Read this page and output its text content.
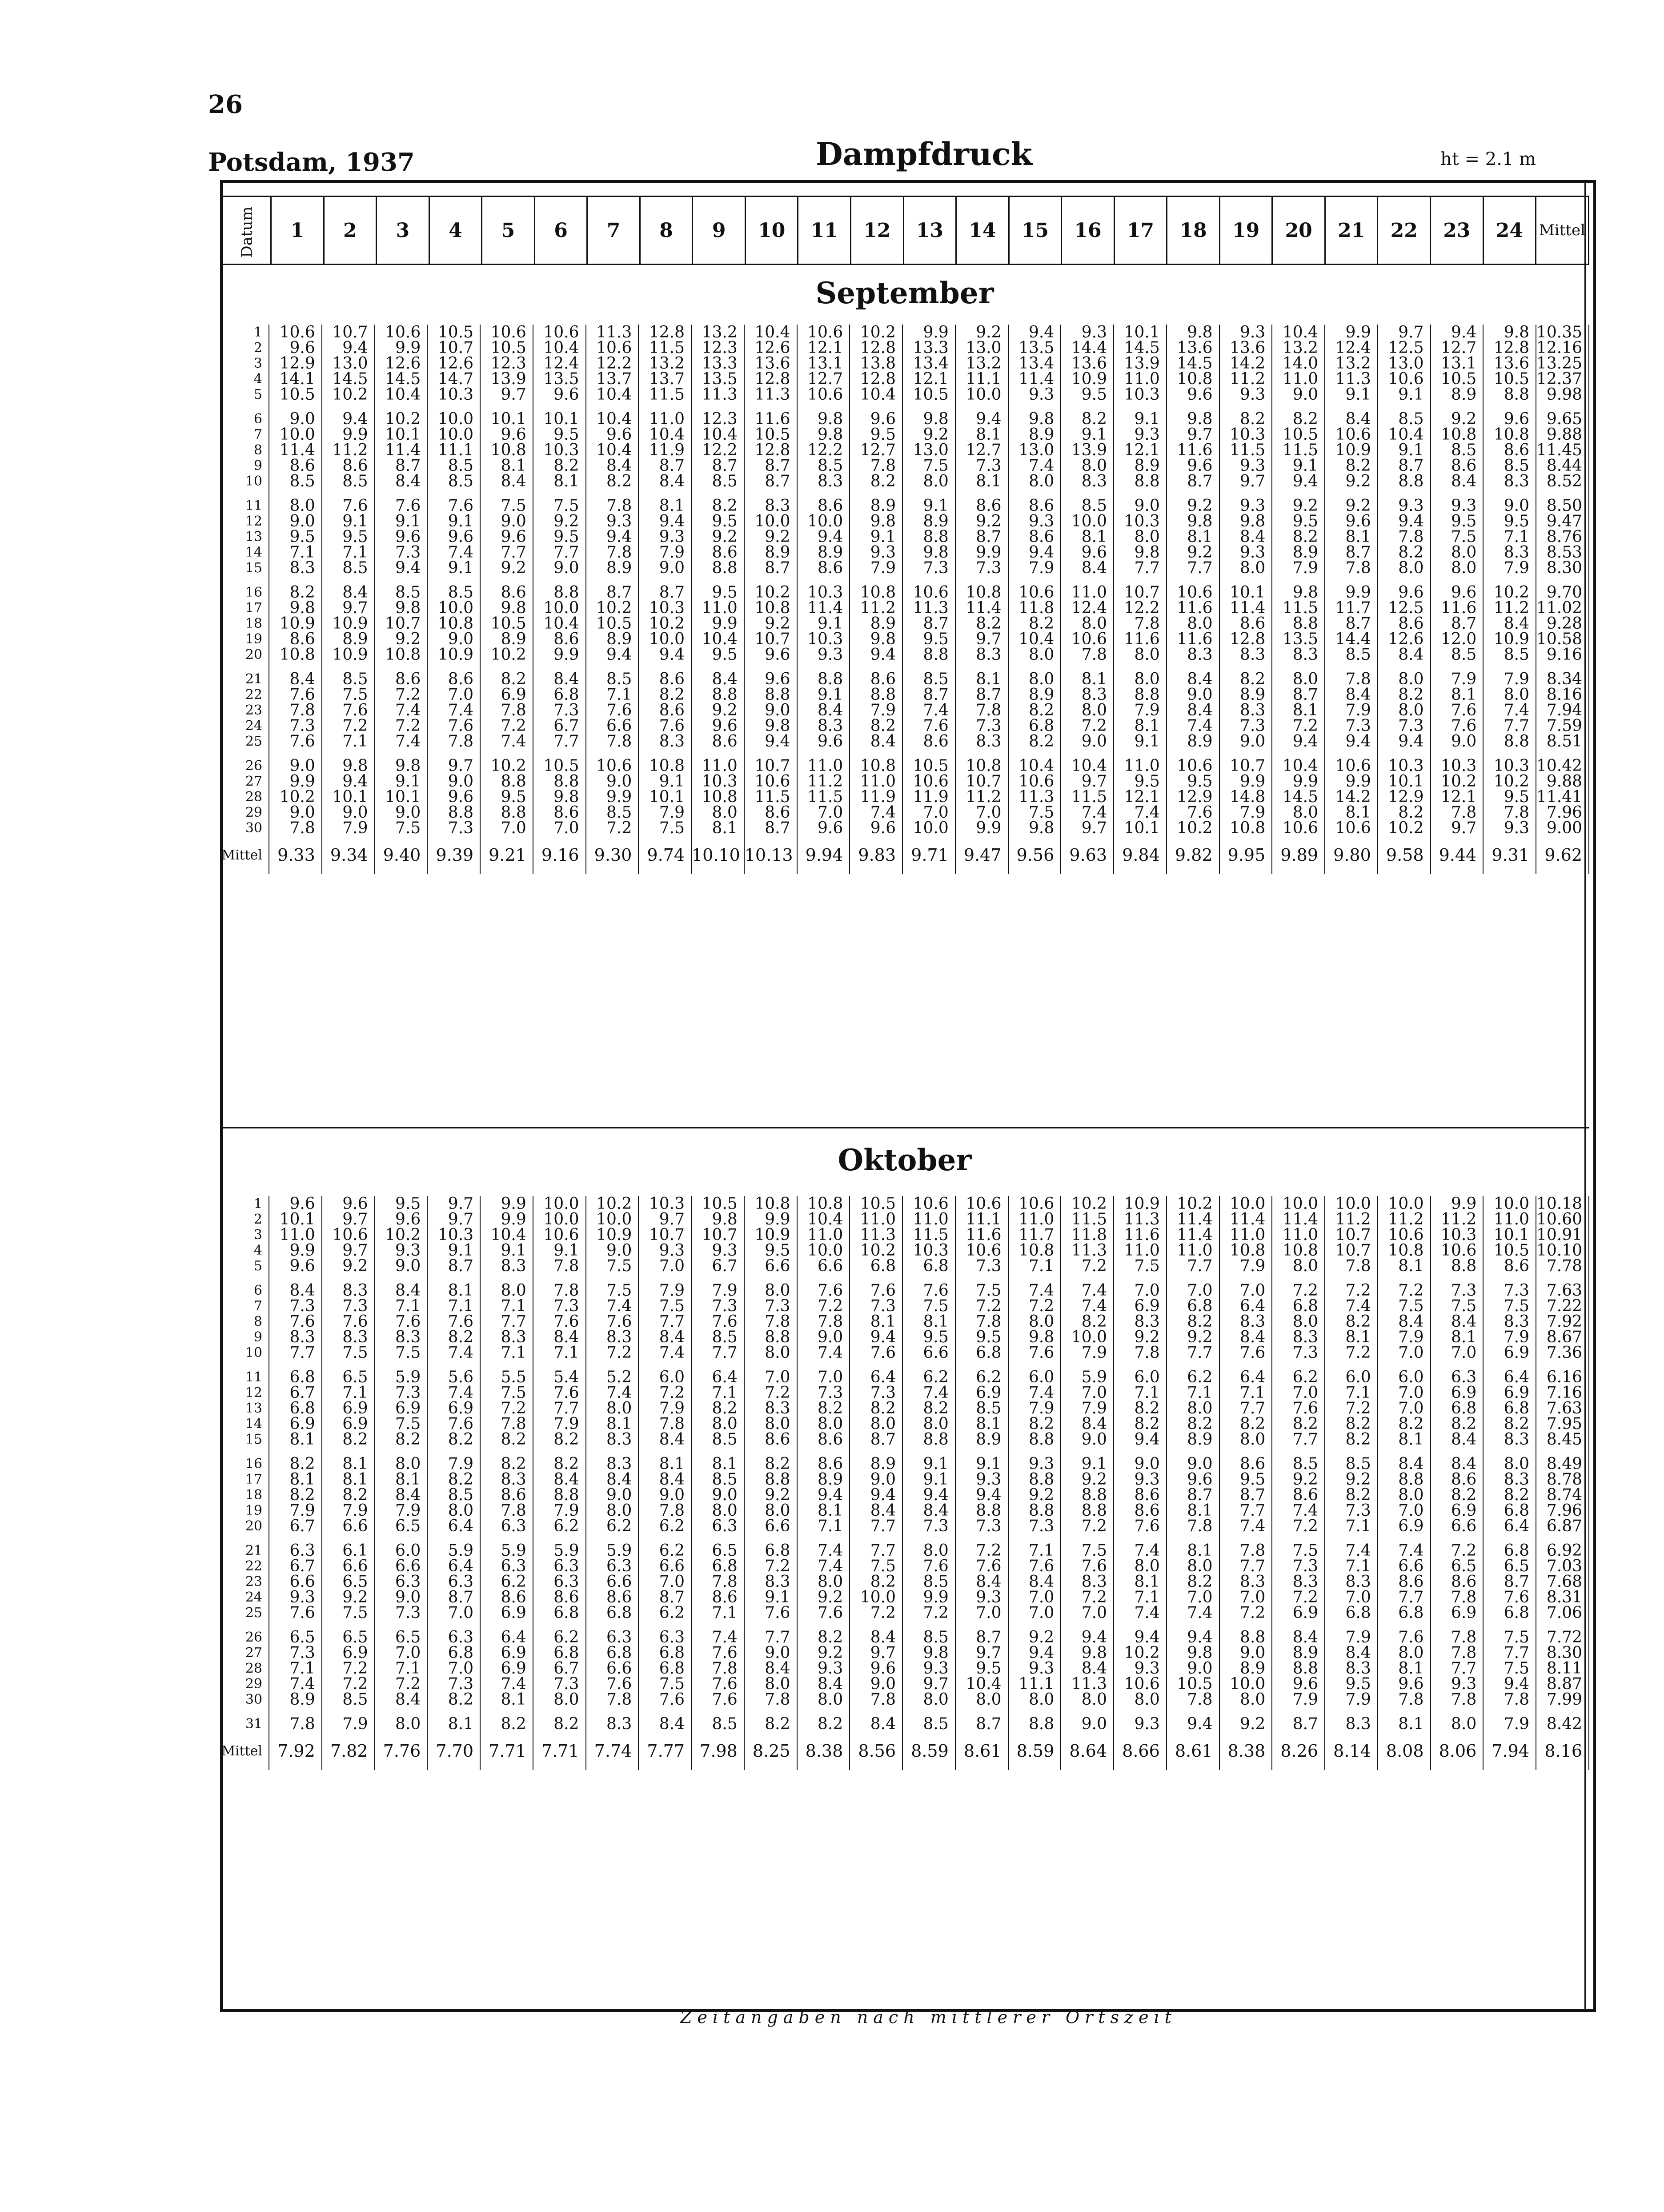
26
Potsdam, 1937	Dampfdruck	ht = 2.1 m
Datum	1	2	3	4	5	6	7	8	9	10	11	12	13	14	15	16	17	18	19	20	21	22	23	24	Mittel
September
1	10.6	10.7	10.6	10.5	10.6	10.6	11.3	12.8	13.2	10.4	10.6	10.2	9.9	9.2	9.4	9.3	10.1	9.8	9.3	10.4	9.9	9.7	9.4	9.8	10.35
2	9.6	9.4	9.9	10.7	10.5	10.4	10.6	11.5	12.3	12.6	12.1	12.8	13.3	13.0	13.5	14.4	14.5	13.6	13.6	13.2	12.4	12.5	12.7	12.8	12.16
3	12.9	13.0	12.6	12.6	12.3	12.4	12.2	13.2	13.3	13.6	13.1	13.8	13.4	13.2	13.4	13.6	13.9	14.5	14.2	14.0	13.2	13.0	13.1	13.6	13.25
4	14.1	14.5	14.5	14.7	13.9	13.5	13.7	13.7	13.5	12.8	12.7	12.8	12.1	11.1	11.4	10.9	11.0	10.8	11.2	11.0	11.3	10.6	10.5	10.5	12.37
5	10.5	10.2	10.4	10.3	9.7	9.6	10.4	11.5	11.3	11.3	10.6	10.4	10.5	10.0	9.3	9.5	10.3	9.6	9.3	9.0	9.1	9.1	8.9	8.8	9.98

6	9.0	9.4	10.2	10.0	10.1	10.1	10.4	11.0	12.3	11.6	9.8	9.6	9.8	9.4	9.8	8.2	9.1	9.8	8.2	8.2	8.4	8.5	9.2	9.6	9.65
7	10.0	9.9	10.1	10.0	9.6	9.5	9.6	10.4	10.4	10.5	9.8	9.5	9.2	8.1	8.9	9.1	9.3	9.7	10.3	10.5	10.6	10.4	10.8	10.8	9.88
8	11.4	11.2	11.4	11.1	10.8	10.3	10.4	11.9	12.2	12.8	12.2	12.7	13.0	12.7	13.0	13.9	12.1	11.6	11.5	11.5	10.9	9.1	8.5	8.6	11.45
9	8.6	8.6	8.7	8.5	8.1	8.2	8.4	8.7	8.7	8.7	8.5	7.8	7.5	7.3	7.4	8.0	8.9	9.6	9.3	9.1	8.2	8.7	8.6	8.5	8.44
10	8.5	8.5	8.4	8.5	8.4	8.1	8.2	8.4	8.5	8.7	8.3	8.2	8.0	8.1	8.0	8.3	8.8	8.7	9.7	9.4	9.2	8.8	8.4	8.3	8.52

11	8.0	7.6	7.6	7.6	7.5	7.5	7.8	8.1	8.2	8.3	8.6	8.9	9.1	8.6	8.6	8.5	9.0	9.2	9.3	9.2	9.2	9.3	9.3	9.0	8.50
12	9.0	9.1	9.1	9.1	9.0	9.2	9.3	9.4	9.5	10.0	10.0	9.8	8.9	9.2	9.3	10.0	10.3	9.8	9.8	9.5	9.6	9.4	9.5	9.5	9.47
13	9.5	9.5	9.6	9.6	9.6	9.5	9.4	9.3	9.2	9.2	9.4	9.1	8.8	8.7	8.6	8.1	8.0	8.1	8.4	8.2	8.1	7.8	7.5	7.1	8.76
14	7.1	7.1	7.3	7.4	7.7	7.7	7.8	7.9	8.6	8.9	8.9	9.3	9.8	9.9	9.4	9.6	9.8	9.2	9.3	8.9	8.7	8.2	8.0	8.3	8.53
15	8.3	8.5	9.4	9.1	9.2	9.0	8.9	9.0	8.8	8.7	8.6	7.9	7.3	7.3	7.9	8.4	7.7	7.7	8.0	7.9	7.8	8.0	8.0	7.9	8.30

16	8.2	8.4	8.5	8.5	8.6	8.8	8.7	8.7	9.5	10.2	10.3	10.8	10.6	10.8	10.6	11.0	10.7	10.6	10.1	9.8	9.9	9.6	9.6	10.2	9.70
17	9.8	9.7	9.8	10.0	9.8	10.0	10.2	10.3	11.0	10.8	11.4	11.2	11.3	11.4	11.8	12.4	12.2	11.6	11.4	11.5	11.7	12.5	11.6	11.2	11.02
18	10.9	10.9	10.7	10.8	10.5	10.4	10.5	10.2	9.9	9.2	9.1	8.9	8.7	8.2	8.2	8.0	7.8	8.0	8.6	8.8	8.7	8.6	8.7	8.4	9.28
19	8.6	8.9	9.2	9.0	8.9	8.6	8.9	10.0	10.4	10.7	10.3	9.8	9.5	9.7	10.4	10.6	11.6	11.6	12.8	13.5	14.4	12.6	12.0	10.9	10.58
20	10.8	10.9	10.8	10.9	10.2	9.9	9.4	9.4	9.5	9.6	9.3	9.4	8.8	8.3	8.0	7.8	8.0	8.3	8.3	8.3	8.5	8.4	8.5	8.5	9.16

21	8.4	8.5	8.6	8.6	8.2	8.4	8.5	8.6	8.4	9.6	8.8	8.6	8.5	8.1	8.0	8.1	8.0	8.4	8.2	8.0	7.8	8.0	7.9	7.9	8.34
22	7.6	7.5	7.2	7.0	6.9	6.8	7.1	8.2	8.8	8.8	9.1	8.8	8.7	8.7	8.9	8.3	8.8	9.0	8.9	8.7	8.4	8.2	8.1	8.0	8.16
23	7.8	7.6	7.4	7.4	7.8	7.3	7.6	8.6	9.2	9.0	8.4	7.9	7.4	7.8	8.2	8.0	7.9	8.4	8.3	8.1	7.9	8.0	7.6	7.4	7.94
24	7.3	7.2	7.2	7.6	7.2	6.7	6.6	7.6	9.6	9.8	8.3	8.2	7.6	7.3	6.8	7.2	8.1	7.4	7.3	7.2	7.3	7.3	7.6	7.7	7.59
25	7.6	7.1	7.4	7.8	7.4	7.7	7.8	8.3	8.6	9.4	9.6	8.4	8.6	8.3	8.2	9.0	9.1	8.9	9.0	9.4	9.4	9.4	9.0	8.8	8.51

26	9.0	9.8	9.8	9.7	10.2	10.5	10.6	10.8	11.0	10.7	11.0	10.8	10.5	10.8	10.4	10.4	11.0	10.6	10.7	10.4	10.6	10.3	10.3	10.3	10.42
27	9.9	9.4	9.1	9.0	8.8	8.8	9.0	9.1	10.3	10.6	11.2	11.0	10.6	10.7	10.6	9.7	9.5	9.5	9.9	9.9	9.9	10.1	10.2	10.2	9.88
28	10.2	10.1	10.1	9.6	9.5	9.8	9.9	10.1	10.8	11.5	11.5	11.9	11.9	11.2	11.3	11.5	12.1	12.9	14.8	14.5	14.2	12.9	12.1	9.5	11.41
29	9.0	9.0	9.0	8.8	8.8	8.6	8.5	7.9	8.0	8.6	7.0	7.4	7.0	7.0	7.5	7.4	7.4	7.6	7.9	8.0	8.1	8.2	7.8	7.8	7.96
30	7.8	7.9	7.5	7.3	7.0	7.0	7.2	7.5	8.1	8.7	9.6	9.6	10.0	9.9	9.8	9.7	10.1	10.2	10.8	10.6	10.6	10.2	9.7	9.3	9.00
Mittel	9.33	9.34	9.40	9.39	9.21	9.16	9.30	9.74	10.10	10.13	9.94	9.83	9.71	9.47	9.56	9.63	9.84	9.82	9.95	9.89	9.80	9.58	9.44	9.31	9.62
Oktober
1	9.6	9.6	9.5	9.7	9.9	10.0	10.2	10.3	10.5	10.8	10.8	10.5	10.6	10.6	10.6	10.2	10.9	10.2	10.0	10.0	10.0	10.0	9.9	10.0	10.18
2	10.1	9.7	9.6	9.7	9.9	10.0	10.0	9.7	9.8	9.9	10.4	11.0	11.0	11.1	11.0	11.5	11.3	11.4	11.4	11.4	11.2	11.2	11.2	11.0	10.60
3	11.0	10.6	10.2	10.3	10.4	10.6	10.9	10.7	10.7	10.9	11.0	11.3	11.5	11.6	11.7	11.8	11.6	11.4	11.0	11.0	10.7	10.6	10.3	10.1	10.91
4	9.9	9.7	9.3	9.1	9.1	9.1	9.0	9.3	9.3	9.5	10.0	10.2	10.3	10.6	10.8	11.3	11.0	11.0	10.8	10.8	10.7	10.8	10.6	10.5	10.10
5	9.6	9.2	9.0	8.7	8.3	7.8	7.5	7.0	6.7	6.6	6.6	6.8	6.8	7.3	7.1	7.2	7.5	7.7	7.9	8.0	7.8	8.1	8.8	8.6	7.78

6	8.4	8.3	8.4	8.1	8.0	7.8	7.5	7.9	7.9	8.0	7.6	7.6	7.6	7.5	7.4	7.4	7.0	7.0	7.0	7.2	7.2	7.2	7.3	7.3	7.63
7	7.3	7.3	7.1	7.1	7.1	7.3	7.4	7.5	7.3	7.3	7.2	7.3	7.5	7.2	7.2	7.4	6.9	6.8	6.4	6.8	7.4	7.5	7.5	7.5	7.22
8	7.6	7.6	7.6	7.6	7.7	7.6	7.6	7.7	7.6	7.8	7.8	8.1	8.1	7.8	8.0	8.2	8.3	8.2	8.3	8.0	8.2	8.4	8.4	8.3	7.92
9	8.3	8.3	8.3	8.2	8.3	8.4	8.3	8.4	8.5	8.8	9.0	9.4	9.5	9.5	9.8	10.0	9.2	9.2	8.4	8.3	8.1	7.9	8.1	7.9	8.67
10	7.7	7.5	7.5	7.4	7.1	7.1	7.2	7.4	7.7	8.0	7.4	7.6	6.6	6.8	7.6	7.9	7.8	7.7	7.6	7.3	7.2	7.0	7.0	6.9	7.36

11	6.8	6.5	5.9	5.6	5.5	5.4	5.2	6.0	6.4	7.0	7.0	6.4	6.2	6.2	6.0	5.9	6.0	6.2	6.4	6.2	6.0	6.0	6.3	6.4	6.16
12	6.7	7.1	7.3	7.4	7.5	7.6	7.4	7.2	7.1	7.2	7.3	7.3	7.4	6.9	7.4	7.0	7.1	7.1	7.1	7.0	7.1	7.0	6.9	6.9	7.16
13	6.8	6.9	6.9	6.9	7.2	7.7	8.0	7.9	8.2	8.3	8.2	8.2	8.2	8.5	7.9	7.9	8.2	8.0	7.7	7.6	7.2	7.0	6.8	6.8	7.63
14	6.9	6.9	7.5	7.6	7.8	7.9	8.1	7.8	8.0	8.0	8.0	8.0	8.0	8.1	8.2	8.4	8.2	8.2	8.2	8.2	8.2	8.2	8.2	8.2	7.95
15	8.1	8.2	8.2	8.2	8.2	8.2	8.3	8.4	8.5	8.6	8.6	8.7	8.8	8.9	8.8	9.0	9.4	8.9	8.0	7.7	8.2	8.1	8.4	8.3	8.45

16	8.2	8.1	8.0	7.9	8.2	8.2	8.3	8.1	8.1	8.2	8.6	8.9	9.1	9.1	9.3	9.1	9.0	9.0	8.6	8.5	8.5	8.4	8.4	8.0	8.49
17	8.1	8.1	8.1	8.2	8.3	8.4	8.4	8.4	8.5	8.8	8.9	9.0	9.1	9.3	8.8	9.2	9.3	9.6	9.5	9.2	9.2	8.8	8.6	8.3	8.78
18	8.2	8.2	8.4	8.5	8.6	8.8	9.0	9.0	9.0	9.2	9.4	9.4	9.4	9.4	9.2	8.8	8.6	8.7	8.7	8.6	8.2	8.0	8.2	8.2	8.74
19	7.9	7.9	7.9	8.0	7.8	7.9	8.0	7.8	8.0	8.0	8.1	8.4	8.4	8.8	8.8	8.8	8.6	8.1	7.7	7.4	7.3	7.0	6.9	6.8	7.96
20	6.7	6.6	6.5	6.4	6.3	6.2	6.2	6.2	6.3	6.6	7.1	7.7	7.3	7.3	7.3	7.2	7.6	7.8	7.4	7.2	7.1	6.9	6.6	6.4	6.87

21	6.3	6.1	6.0	5.9	5.9	5.9	5.9	6.2	6.5	6.8	7.4	7.7	8.0	7.2	7.1	7.5	7.4	8.1	7.8	7.5	7.4	7.4	7.2	6.8	6.92
22	6.7	6.6	6.6	6.4	6.3	6.3	6.3	6.6	6.8	7.2	7.4	7.5	7.6	7.6	7.6	7.6	8.0	8.0	7.7	7.3	7.1	6.6	6.5	6.5	7.03
23	6.6	6.5	6.3	6.3	6.2	6.3	6.6	7.0	7.8	8.3	8.0	8.2	8.5	8.4	8.4	8.3	8.1	8.2	8.3	8.3	8.3	8.6	8.6	8.7	7.68
24	9.3	9.2	9.0	8.7	8.6	8.6	8.6	8.7	8.6	9.1	9.2	10.0	9.9	9.3	7.0	7.2	7.1	7.0	7.0	7.2	7.0	7.7	7.8	7.6	8.31
25	7.6	7.5	7.3	7.0	6.9	6.8	6.8	6.2	7.1	7.6	7.6	7.2	7.2	7.0	7.0	7.0	7.4	7.4	7.2	6.9	6.8	6.8	6.9	6.8	7.06

26	6.5	6.5	6.5	6.3	6.4	6.2	6.3	6.3	7.4	7.7	8.2	8.4	8.5	8.7	9.2	9.4	9.4	9.4	8.8	8.4	7.9	7.6	7.8	7.5	7.72
27	7.3	6.9	7.0	6.8	6.9	6.8	6.8	6.8	7.6	9.0	9.2	9.7	9.8	9.7	9.4	9.8	10.2	9.8	9.0	8.9	8.4	8.0	7.8	7.7	8.30
28	7.1	7.2	7.1	7.0	6.9	6.7	6.6	6.8	7.8	8.4	9.3	9.6	9.3	9.5	9.3	8.4	9.3	9.0	8.9	8.8	8.3	8.1	7.7	7.5	8.11
29	7.4	7.2	7.2	7.3	7.4	7.3	7.6	7.5	7.6	8.0	8.4	9.0	9.7	10.4	11.1	11.3	10.6	10.5	10.0	9.6	9.5	9.6	9.3	9.4	8.87
30	8.9	8.5	8.4	8.2	8.1	8.0	7.8	7.6	7.6	7.8	8.0	7.8	8.0	8.0	8.0	8.0	8.0	7.8	8.0	7.9	7.9	7.8	7.8	7.8	7.99

31	7.8	7.9	8.0	8.1	8.2	8.2	8.3	8.4	8.5	8.2	8.2	8.4	8.5	8.7	8.8	9.0	9.3	9.4	9.2	8.7	8.3	8.1	8.0	7.9	8.42
Mittel	7.92	7.82	7.76	7.70	7.71	7.71	7.74	7.77	7.98	8.25	8.38	8.56	8.59	8.61	8.59	8.64	8.66	8.61	8.38	8.26	8.14	8.08	8.06	7.94	8.16
Zeitangaben nach mittlerer Ortszeit
